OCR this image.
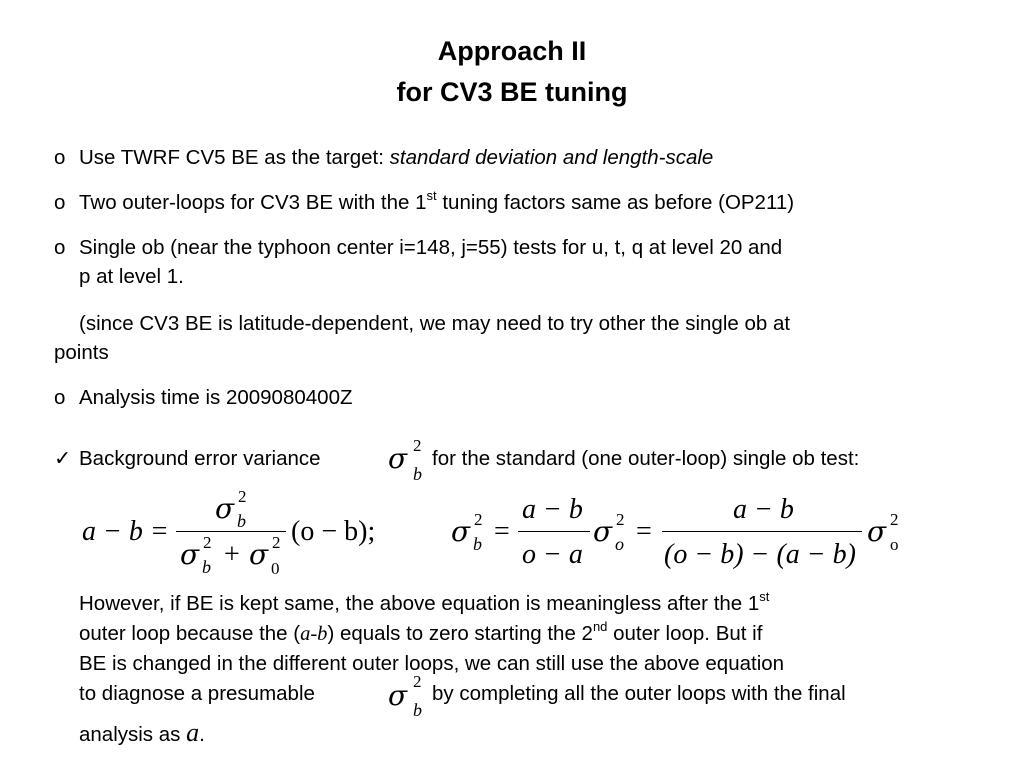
Approach II
for CV3 BE tuning
o Use TWRF CV5 BE as the target: standard deviation and length-scale
o Two outer-loops for CV3 BE with the 1st tuning factors same as before (OP211)
o Single ob (near the typhoon center i=148, j=55) tests for u, t, q at level 20 and
p at level 1.
(since CV3 BE is latitude-dependent, we may need to try other the single ob at
points
o Analysis time is 2009080400Z
✓ Background error variance σ 2
b
for the standard (one outer-loop) single ob test:
a − b =
σ 2
b
σ 2
b + σ 2
0
(o − b);	σ 2
b =
a − b
o − a
σ 2
o =
a − b
(o − b) − (a − b)
σ 2
o
However, if BE is kept same, the above equation is meaningless after the 1st
outer loop because the (a-b) equals to zero starting the 2nd outer loop. But if
BE is changed in the different outer loops, we can still use the above equation
to diagnose a presumable	σ 2
b
by completing all the outer loops with the final
analysis as a.
